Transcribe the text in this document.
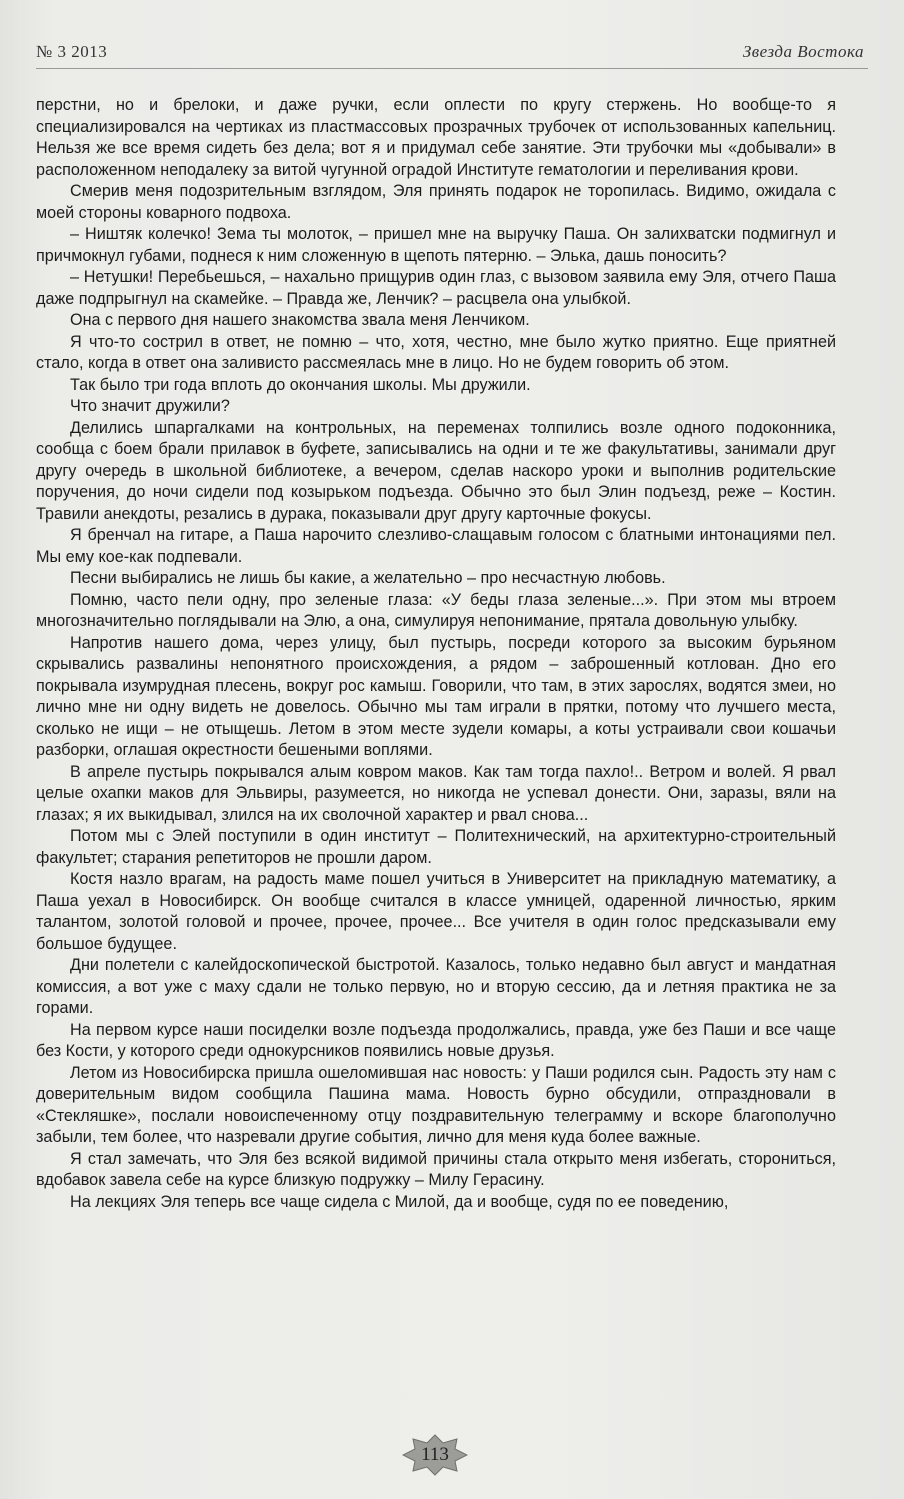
№ 3 2013	Звезда Востока

перстни, но и брелоки, и даже ручки, если оплести по кругу стержень. Но вообще-то я специализировался на чертиках из пластмассовых прозрачных трубочек от использованных капельниц. Нельзя же все время сидеть без дела; вот я и придумал себе занятие. Эти трубочки мы «добывали» в расположенном неподалеку за витой чугунной оградой Институте гематологии и переливания крови.

Смерив меня подозрительным взглядом, Эля принять подарок не торопилась. Видимо, ожидала с моей стороны коварного подвоха.

– Ништяк колечко! Зема ты молоток, – пришел мне на выручку Паша. Он залихватски подмигнул и причмокнул губами, поднеся к ним сложенную в щепоть пятерню. – Элька, дашь поносить?

– Нетушки! Перебьешься, – нахально прищурив один глаз, с вызовом заявила ему Эля, отчего Паша даже подпрыгнул на скамейке. – Правда же, Ленчик? – расцвела она улыбкой.

Она с первого дня нашего знакомства звала меня Ленчиком.

Я что-то сострил в ответ, не помню – что, хотя, честно, мне было жутко приятно. Еще приятней стало, когда в ответ она заливисто рассмеялась мне в лицо. Но не будем говорить об этом.

Так было три года вплоть до окончания школы. Мы дружили.

Что значит дружили?

Делились шпаргалками на контрольных, на переменах толпились возле одного подоконника, сообща с боем брали прилавок в буфете, записывались на одни и те же факультативы, занимали друг другу очередь в школьной библиотеке, а вечером, сделав наскоро уроки и выполнив родительские поручения, до ночи сидели под козырьком подъезда. Обычно это был Элин подъезд, реже – Костин. Травили анекдоты, резались в дурака, показывали друг другу карточные фокусы.

Я бренчал на гитаре, а Паша нарочито слезливо-слащавым голосом с блатными интонациями пел. Мы ему кое-как подпевали.

Песни выбирались не лишь бы какие, а желательно – про несчастную любовь.

Помню, часто пели одну, про зеленые глаза: «У беды глаза зеленые...». При этом мы втроем многозначительно поглядывали на Элю, а она, симулируя непонимание, прятала довольную улыбку.

Напротив нашего дома, через улицу, был пустырь, посреди которого за высоким бурьяном скрывались развалины непонятного происхождения, а рядом – заброшенный котлован. Дно его покрывала изумрудная плесень, вокруг рос камыш. Говорили, что там, в этих зарослях, водятся змеи, но лично мне ни одну видеть не довелось. Обычно мы там играли в прятки, потому что лучшего места, сколько не ищи – не отыщешь. Летом в этом месте зудели комары, а коты устраивали свои кошачьи разборки, оглашая окрестности бешеными воплями.

В апреле пустырь покрывался алым ковром маков. Как там тогда пахло!.. Ветром и волей. Я рвал целые охапки маков для Эльвиры, разумеется, но никогда не успевал донести. Они, заразы, вяли на глазах; я их выкидывал, злился на их сволочной характер и рвал снова...

Потом мы с Элей поступили в один институт – Политехнический, на архитектурно-строительный факультет; старания репетиторов не прошли даром.

Костя назло врагам, на радость маме пошел учиться в Университет на прикладную математику, а Паша уехал в Новосибирск. Он вообще считался в классе умницей, одаренной личностью, ярким талантом, золотой головой и прочее, прочее, прочее... Все учителя в один голос предсказывали ему большое будущее.

Дни полетели с калейдоскопической быстротой. Казалось, только недавно был август и мандатная комиссия, а вот уже с маху сдали не только первую, но и вторую сессию, да и летняя практика не за горами.

На первом курсе наши посиделки возле подъезда продолжались, правда, уже без Паши и все чаще без Кости, у которого среди однокурсников появились новые друзья.

Летом из Новосибирска пришла ошеломившая нас новость: у Паши родился сын. Радость эту нам с доверительным видом сообщила Пашина мама. Новость бурно обсудили, отпраздновали в «Стекляшке», послали новоиспеченному отцу поздравительную телеграмму и вскоре благополучно забыли, тем более, что назревали другие события, лично для меня куда более важные.

Я стал замечать, что Эля без всякой видимой причины стала открыто меня избегать, сторониться, вдобавок завела себе на курсе близкую подружку – Милу Герасину.

На лекциях Эля теперь все чаще сидела с Милой, да и вообще, судя по ее поведению,

113
